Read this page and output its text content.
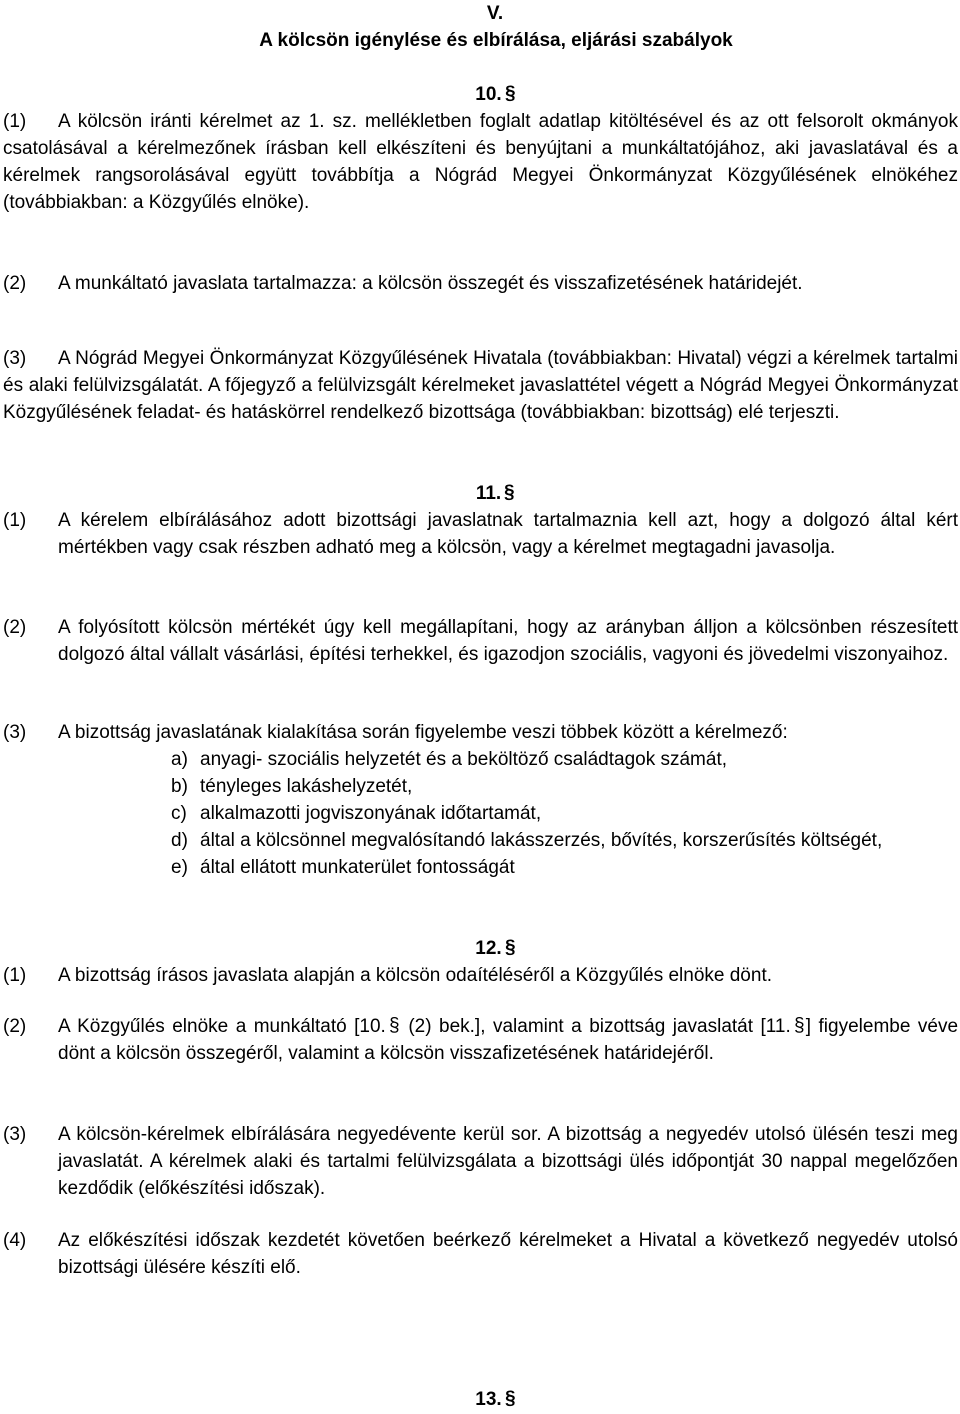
V.
A kölcsön igénylése és elbírálása, eljárási szabályok
10. §
(1)	A kölcsön iránti kérelmet az 1. sz. mellékletben foglalt adatlap kitöltésével és az ott felsorolt okmányok csatolásával a kérelmezőnek írásban kell elkészíteni és benyújtani a munkáltatójához, aki javaslatával és a kérelmek rangsorolásával együtt továbbítja a Nógrád Megyei Önkormányzat Közgyűlésének elnökéhez (továbbiakban: a Közgyűlés elnöke).
(2)	A munkáltató javaslata tartalmazza: a kölcsön összegét és visszafizetésének határidejét.
(3)	A Nógrád Megyei Önkormányzat Közgyűlésének Hivatala (továbbiakban: Hivatal) végzi a kérelmek tartalmi és alaki felülvizsgálatát. A főjegyző a felülvizsgált kérelmeket javaslattétel végett a Nógrád Megyei Önkormányzat Közgyűlésének feladat- és hatáskörrel rendelkező bizottsága (továbbiakban: bizottság) elé terjeszti.
11. §
(1) A kérelem elbírálásához adott bizottsági javaslatnak tartalmaznia kell azt, hogy a dolgozó által kért mértékben vagy csak részben adható meg a kölcsön, vagy a kérelmet megtagadni javasolja.
(2) A folyósított kölcsön mértékét úgy kell megállapítani, hogy az arányban álljon a kölcsönben részesített dolgozó által vállalt vásárlási, építési terhekkel, és igazodjon szociális, vagyoni és jövedelmi viszonyaihoz.
(3) A bizottság javaslatának kialakítása során figyelembe veszi többek között a kérelmező:
a) anyagi- szociális helyzetét és a beköltöző családtagok számát,
b) tényleges lakáshelyzetét,
c) alkalmazotti jogviszonyának időtartamát,
d) által a kölcsönnel megvalósítandó lakásszerzés, bővítés, korszerűsítés költségét,
e) által ellátott munkaterület fontosságát
12. §
(1) A bizottság írásos javaslata alapján a kölcsön odaítéléséről a Közgyűlés elnöke dönt.
(2) A Közgyűlés elnöke a munkáltató [10. § (2) bek.], valamint a bizottság javaslatát [11. § ] figyelembe véve dönt a kölcsön összegéről, valamint a kölcsön visszafizetésének határidejéről.
(3) A kölcsön-kérelmek elbírálására negyedévente kerül sor. A bizottság a negyedév utolsó ülésén teszi meg javaslatát. A kérelmek alaki és tartalmi felülvizsgálata a bizottsági ülés időpontját 30 nappal megelőzően kezdődik (előkészítési időszak).
(4) Az előkészítési időszak kezdetét követően beérkező kérelmeket a Hivatal a következő negyedév utolsó bizottsági ülésére készíti elő.
13. §
